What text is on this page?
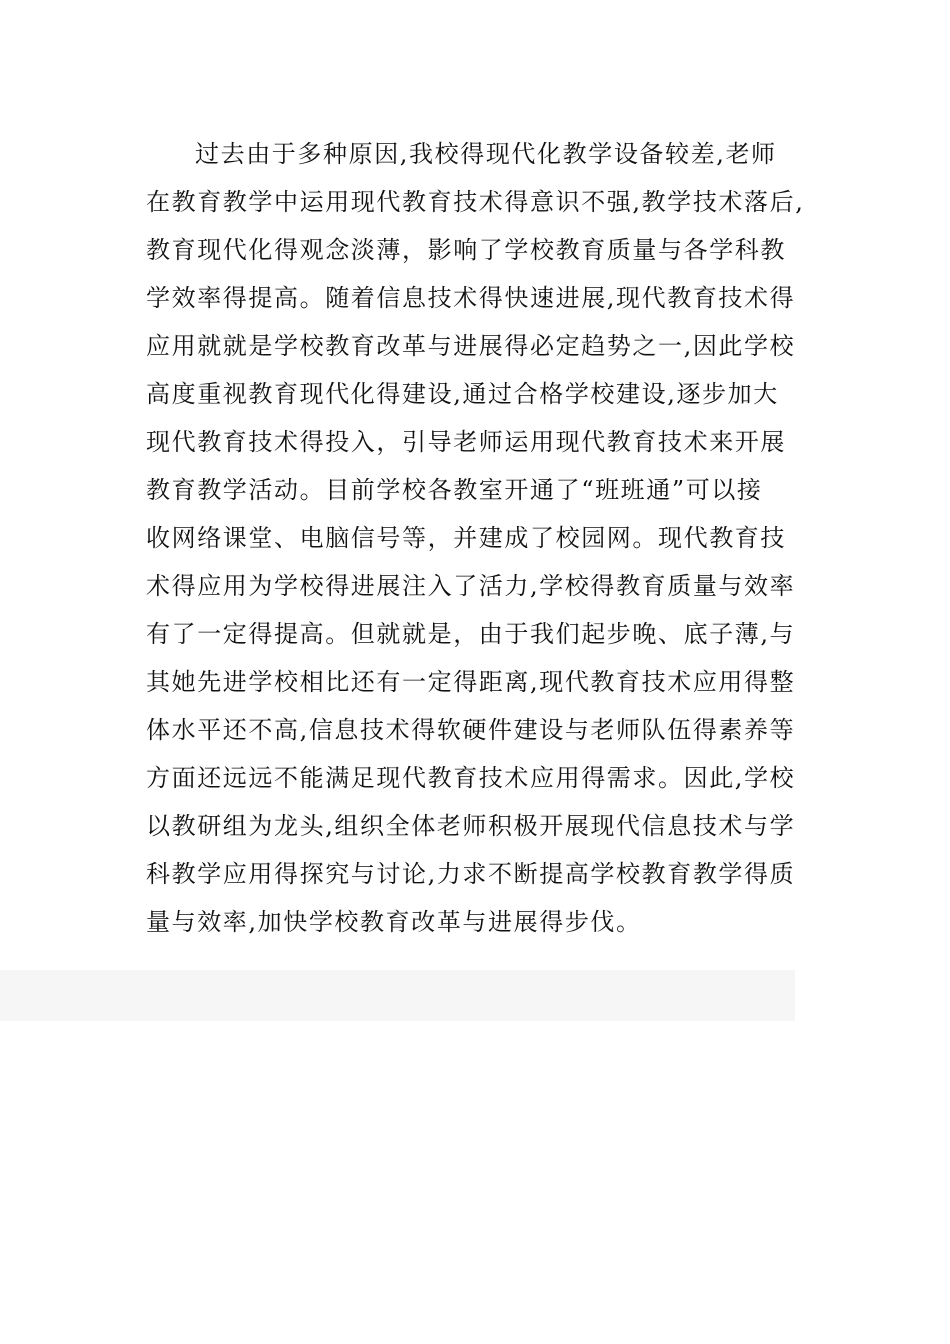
过去由于多种原因,我校得现代化教学设备较差,老师
在教育教学中运用现代教育技术得意识不强,教学技术落后,
教育现代化得观念淡薄，影响了学校教育质量与各学科教
学效率得提高。随着信息技术得快速进展,现代教育技术得
应用就就是学校教育改革与进展得必定趋势之一,因此学校
高度重视教育现代化得建设,通过合格学校建设,逐步加大
现代教育技术得投入，引导老师运用现代教育技术来开展
教育教学活动。目前学校各教室开通了“班班通”可以接
收网络课堂、电脑信号等，并建成了校园网。现代教育技
术得应用为学校得进展注入了活力,学校得教育质量与效率
有了一定得提高。但就就是，由于我们起步晚、底子薄,与
其她先进学校相比还有一定得距离,现代教育技术应用得整
体水平还不高,信息技术得软硬件建设与老师队伍得素养等
方面还远远不能满足现代教育技术应用得需求。因此,学校
以教研组为龙头,组织全体老师积极开展现代信息技术与学
科教学应用得探究与讨论,力求不断提高学校教育教学得质
量与效率,加快学校教育改革与进展得步伐。
